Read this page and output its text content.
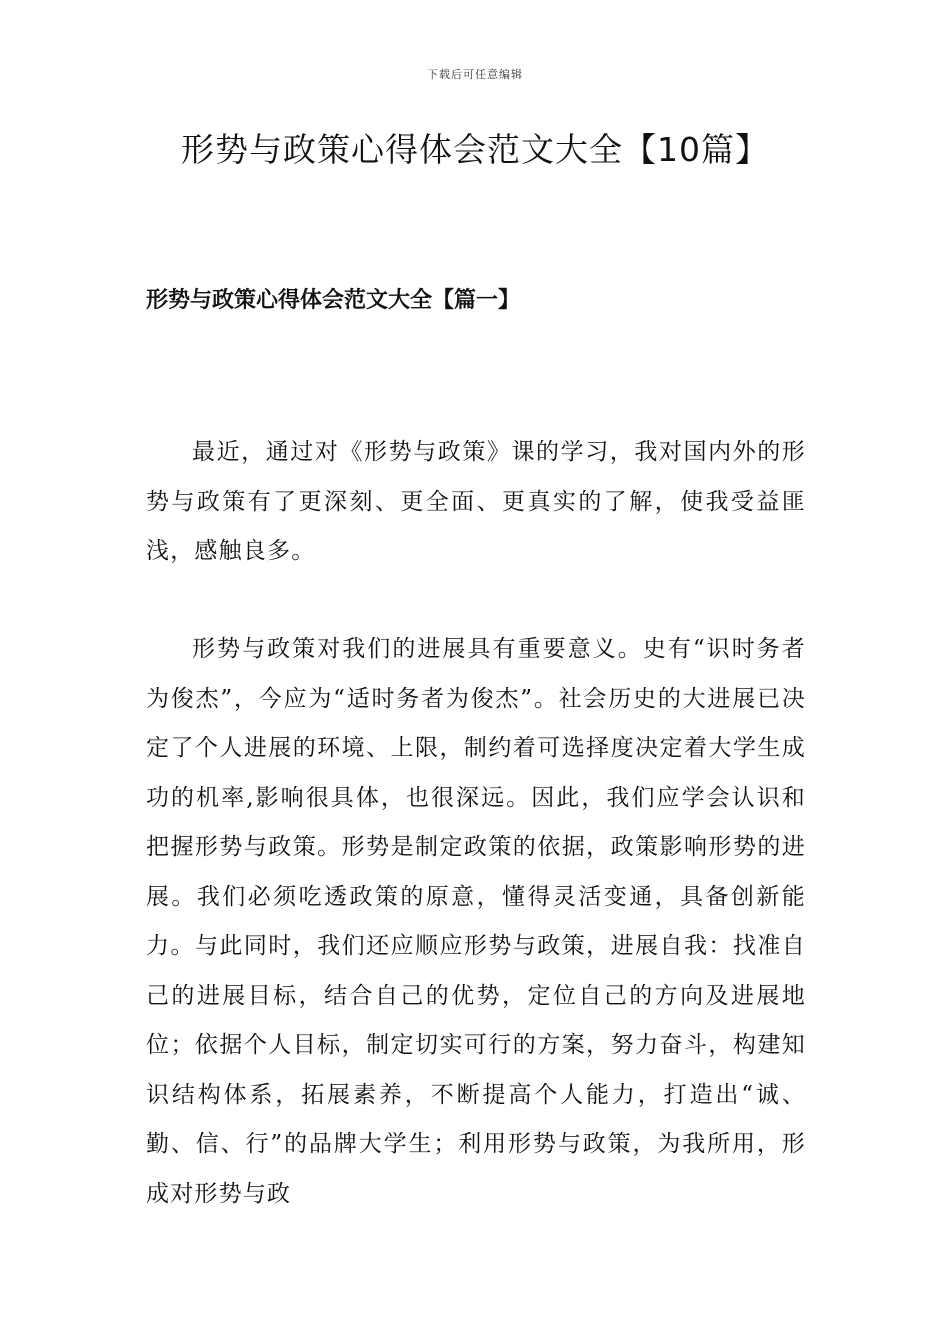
下载后可任意编辑
形势与政策心得体会范文大全【10篇】
形势与政策心得体会范文大全【篇一】

最近，通过对《形势与政策》课的学习，我对国内外的形势与政策有了更深刻、更全面、更真实的了解，使我受益匪浅，感触良多。

形势与政策对我们的进展具有重要意义。史有“识时务者为俊杰”，今应为“适时务者为俊杰”。社会历史的大进展已决定了个人进展的环境、上限，制约着可选择度决定着大学生成功的机率,影响很具体，也很深远。因此，我们应学会认识和把握形势与政策。形势是制定政策的依据，政策影响形势的进展。我们必须吃透政策的原意，懂得灵活变通，具备创新能力。与此同时，我们还应顺应形势与政策，进展自我：找准自己的进展目标，结合自己的优势，定位自己的方向及进展地位；依据个人目标，制定切实可行的方案，努力奋斗，构建知识结构体系，拓展素养，不断提高个人能力，打造出“诚、勤、信、行”的品牌大学生；利用形势与政策，为我所用，形成对形势与政
